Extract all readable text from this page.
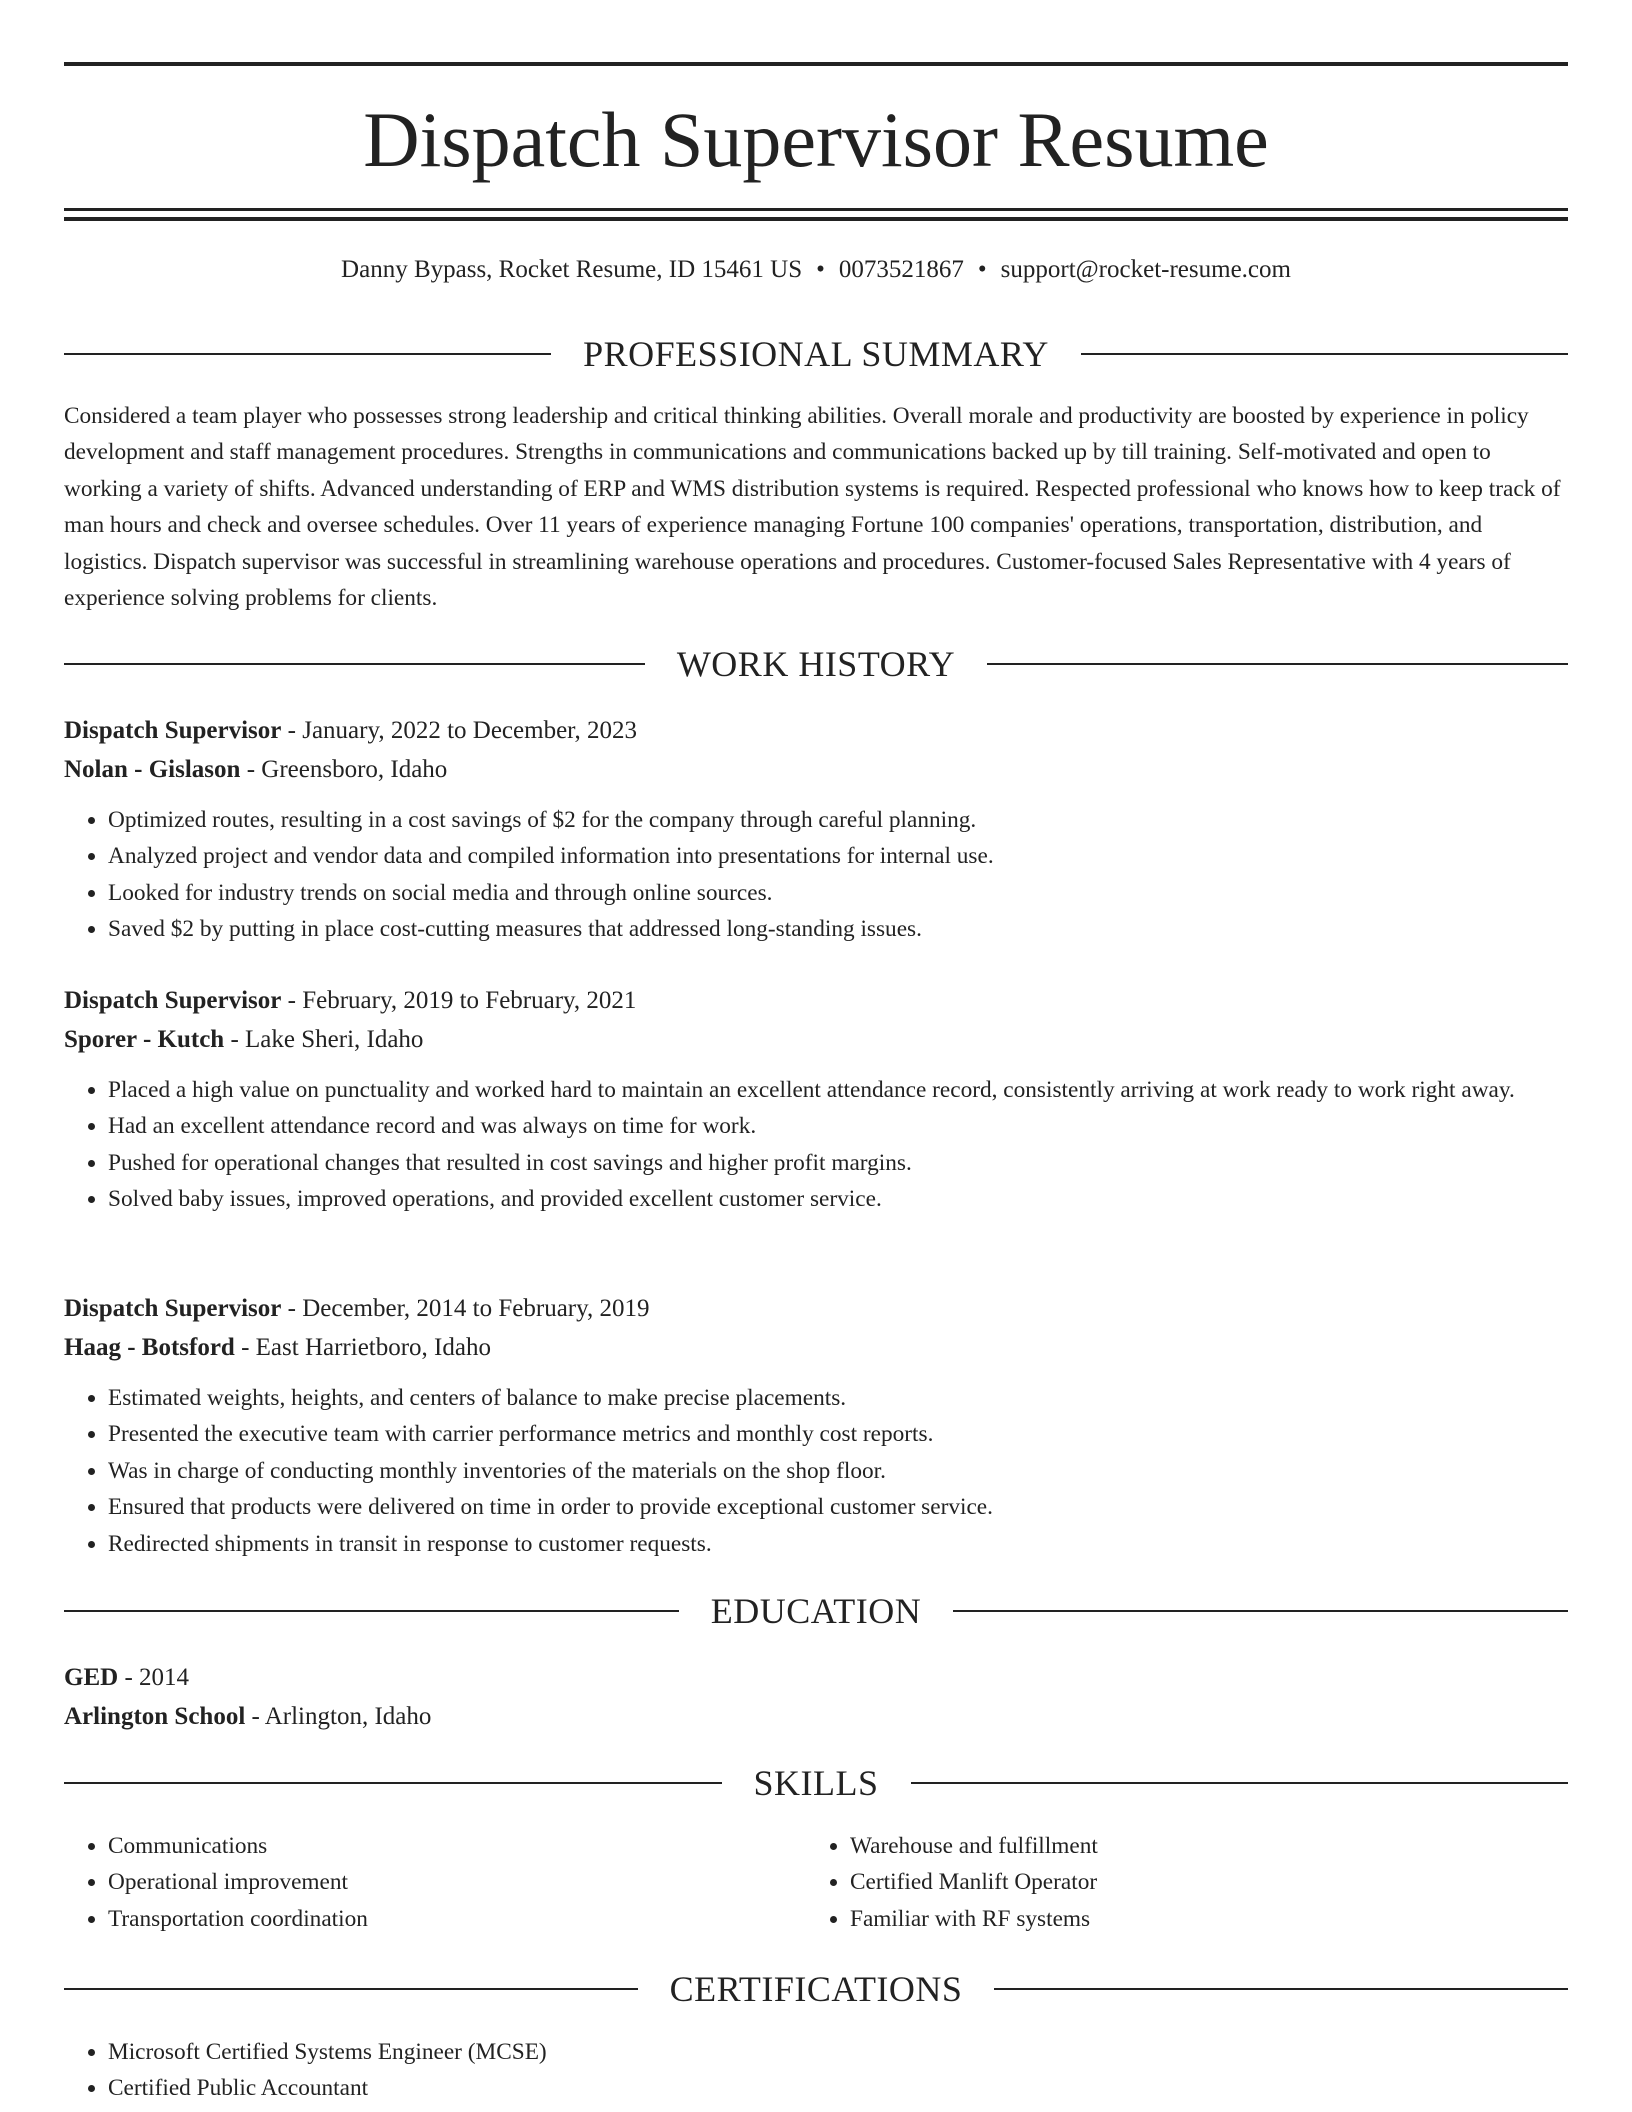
Dispatch Supervisor Resume
Danny Bypass, Rocket Resume, ID 15461 US • 0073521867 • support@rocket-resume.com
PROFESSIONAL SUMMARY

Considered a team player who possesses strong leadership and critical thinking abilities. Overall morale and productivity are boosted by experience in policy development and staff management procedures. Strengths in communications and communications backed up by till training. Self-motivated and open to working a variety of shifts. Advanced understanding of ERP and WMS distribution systems is required. Respected professional who knows how to keep track of man hours and check and oversee schedules. Over 11 years of experience managing Fortune 100 companies' operations, transportation, distribution, and logistics. Dispatch supervisor was successful in streamlining warehouse operations and procedures. Customer-focused Sales Representative with 4 years of experience solving problems for clients.

WORK HISTORY
Dispatch Supervisor - January, 2022 to December, 2023
Nolan - Gislason - Greensboro, Idaho
• Optimized routes, resulting in a cost savings of $2 for the company through careful planning.
• Analyzed project and vendor data and compiled information into presentations for internal use.
• Looked for industry trends on social media and through online sources.
• Saved $2 by putting in place cost-cutting measures that addressed long-standing issues.
Dispatch Supervisor - February, 2019 to February, 2021
Sporer - Kutch - Lake Sheri, Idaho
• Placed a high value on punctuality and worked hard to maintain an excellent attendance record, consistently arriving at work ready to work right away.
• Had an excellent attendance record and was always on time for work.
• Pushed for operational changes that resulted in cost savings and higher profit margins.
• Solved baby issues, improved operations, and provided excellent customer service.
Dispatch Supervisor - December, 2014 to February, 2019
Haag - Botsford - East Harrietboro, Idaho
• Estimated weights, heights, and centers of balance to make precise placements.
• Presented the executive team with carrier performance metrics and monthly cost reports.
• Was in charge of conducting monthly inventories of the materials on the shop floor.
• Ensured that products were delivered on time in order to provide exceptional customer service.
• Redirected shipments in transit in response to customer requests.
EDUCATION
GED - 2014
Arlington School - Arlington, Idaho
SKILLS
• Communications
• Operational improvement
• Transportation coordination
• Warehouse and fulfillment
• Certified Manlift Operator
• Familiar with RF systems
CERTIFICATIONS
• Microsoft Certified Systems Engineer (MCSE)
• Certified Public Accountant
